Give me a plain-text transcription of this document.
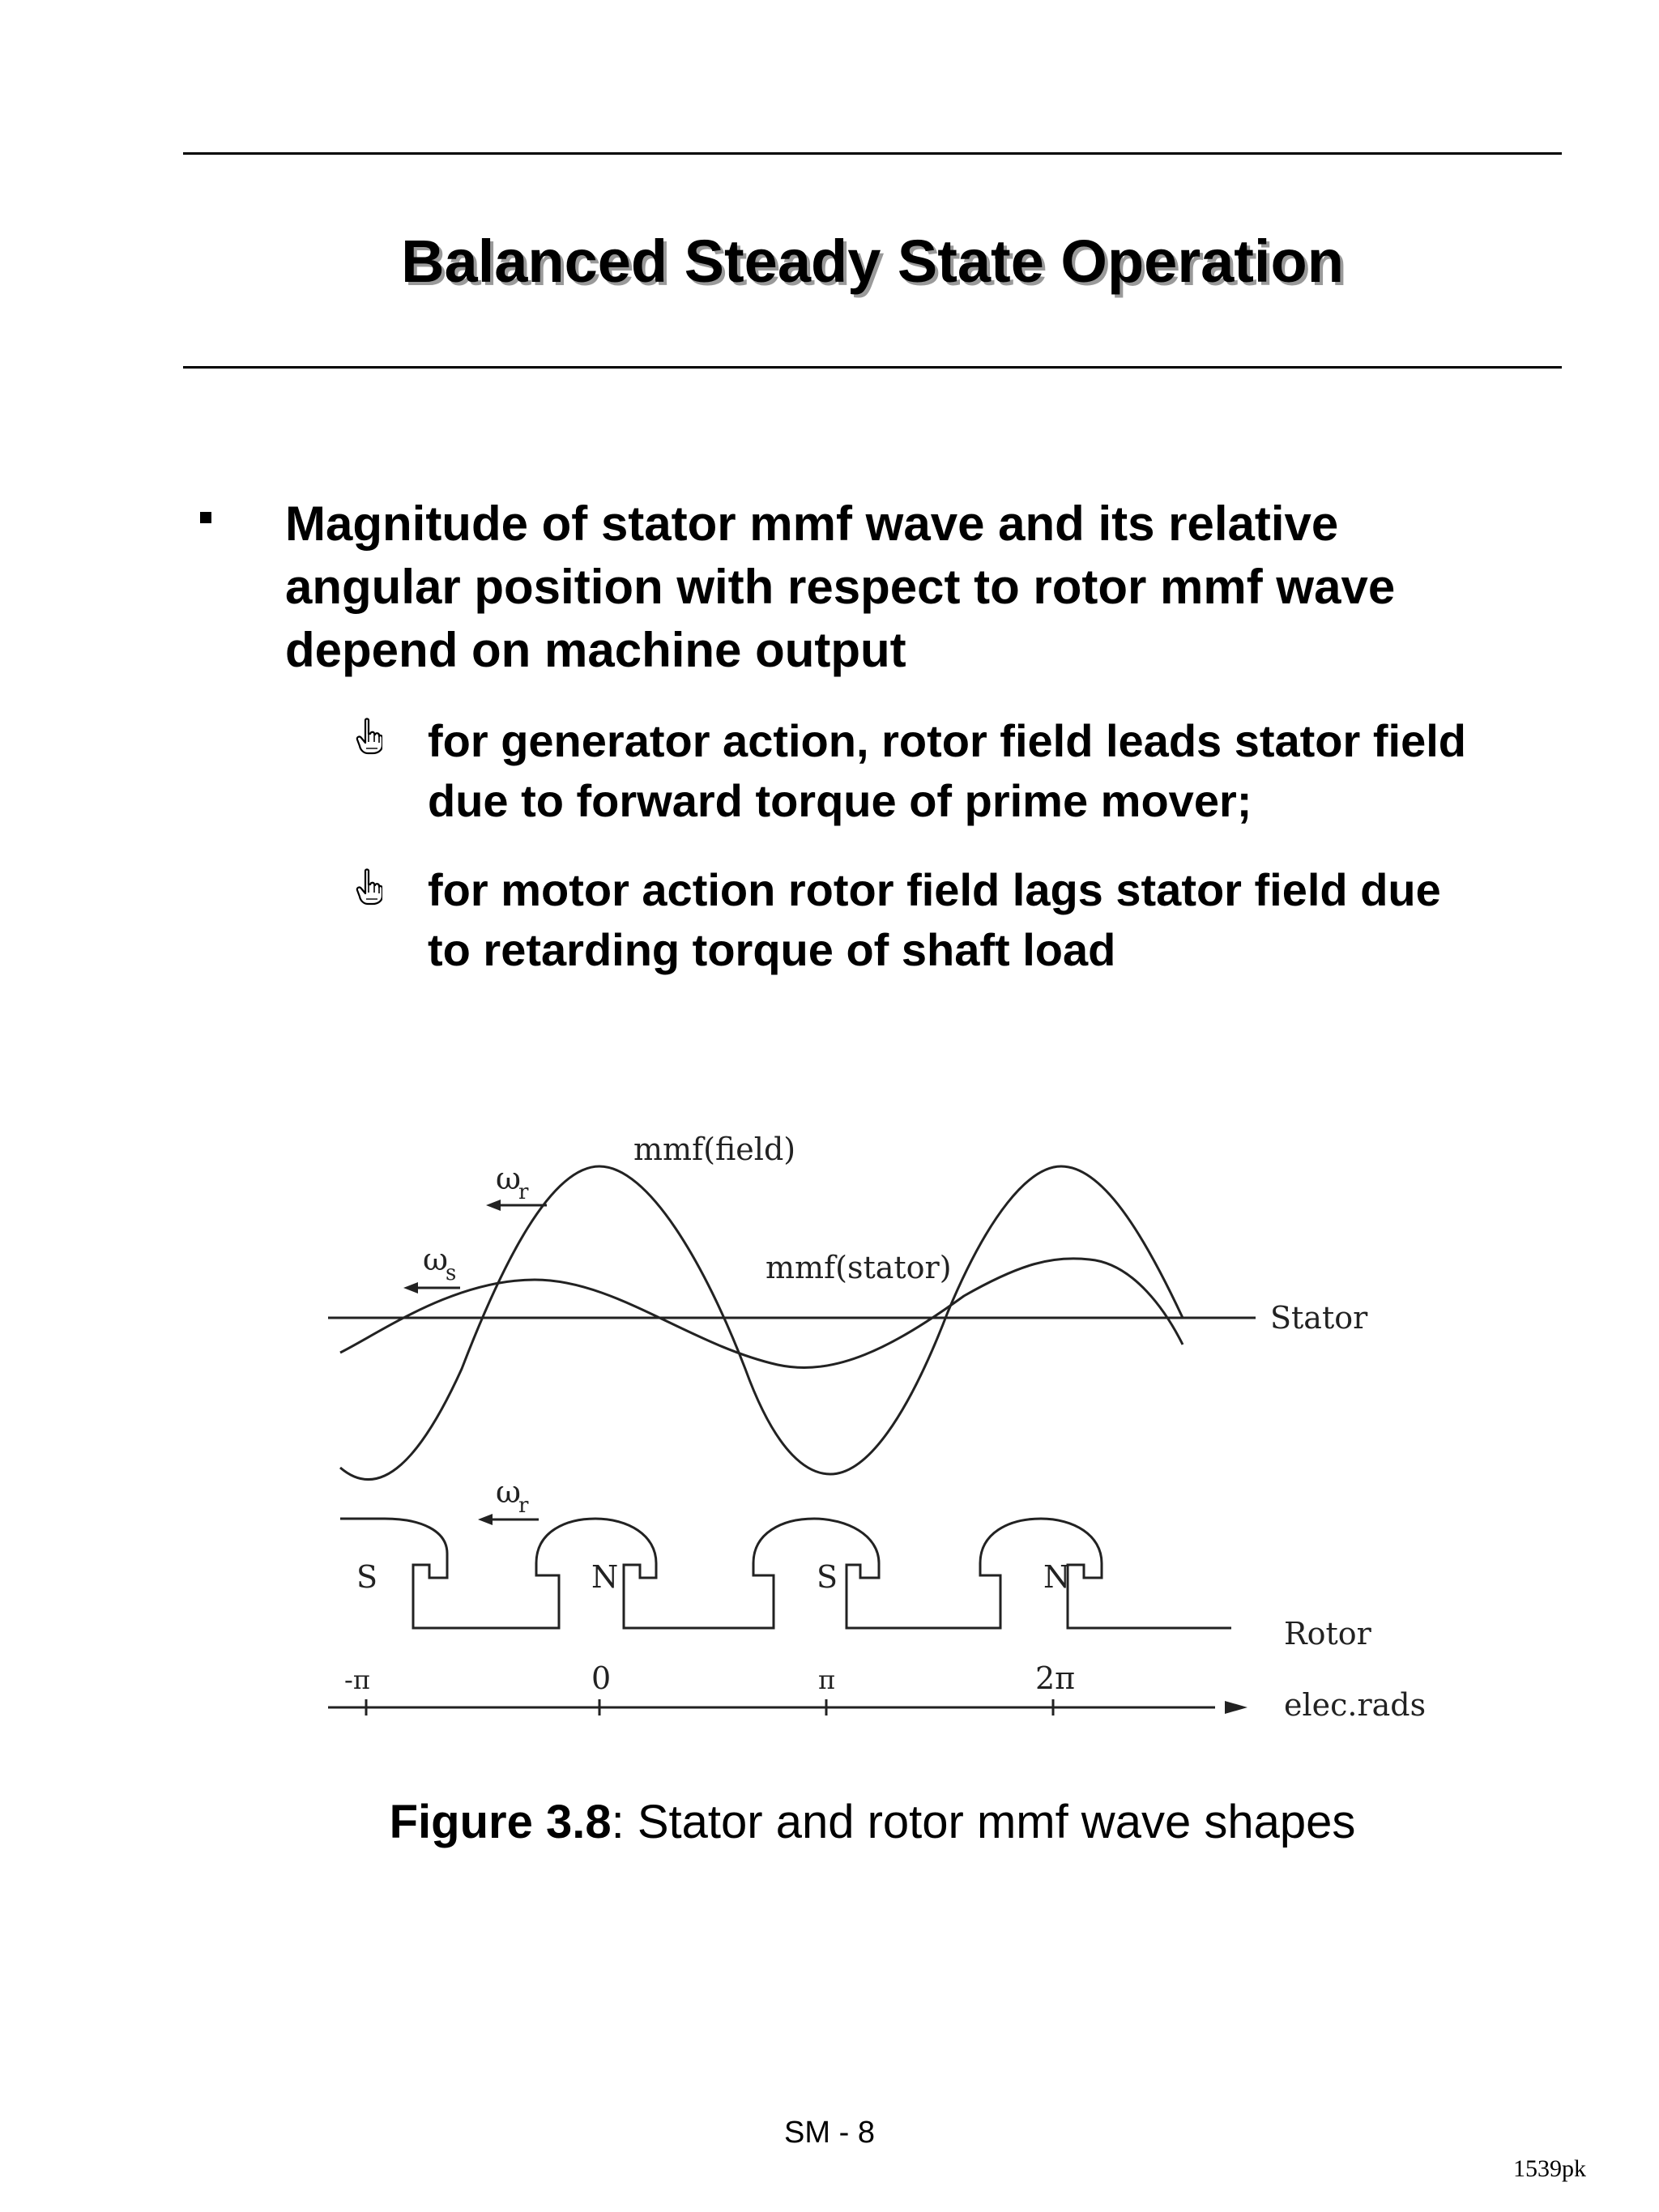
Balanced Steady State Operation
Magnitude of stator mmf wave and its relative
angular position with respect to rotor mmf wave
depend on machine output
for generator action, rotor field leads stator field
due to forward torque of prime mover;
for motor action rotor field lags stator field due
to retarding torque of shaft load
mmf(field)
mmf(stator)
Stator
Rotor
elec.rads
ω
r
ω
s
ω
r
S	N	S	N
-π	0	π	2π
Figure 3.8: Stator and rotor mmf wave shapes
SM - 8
1539pk
